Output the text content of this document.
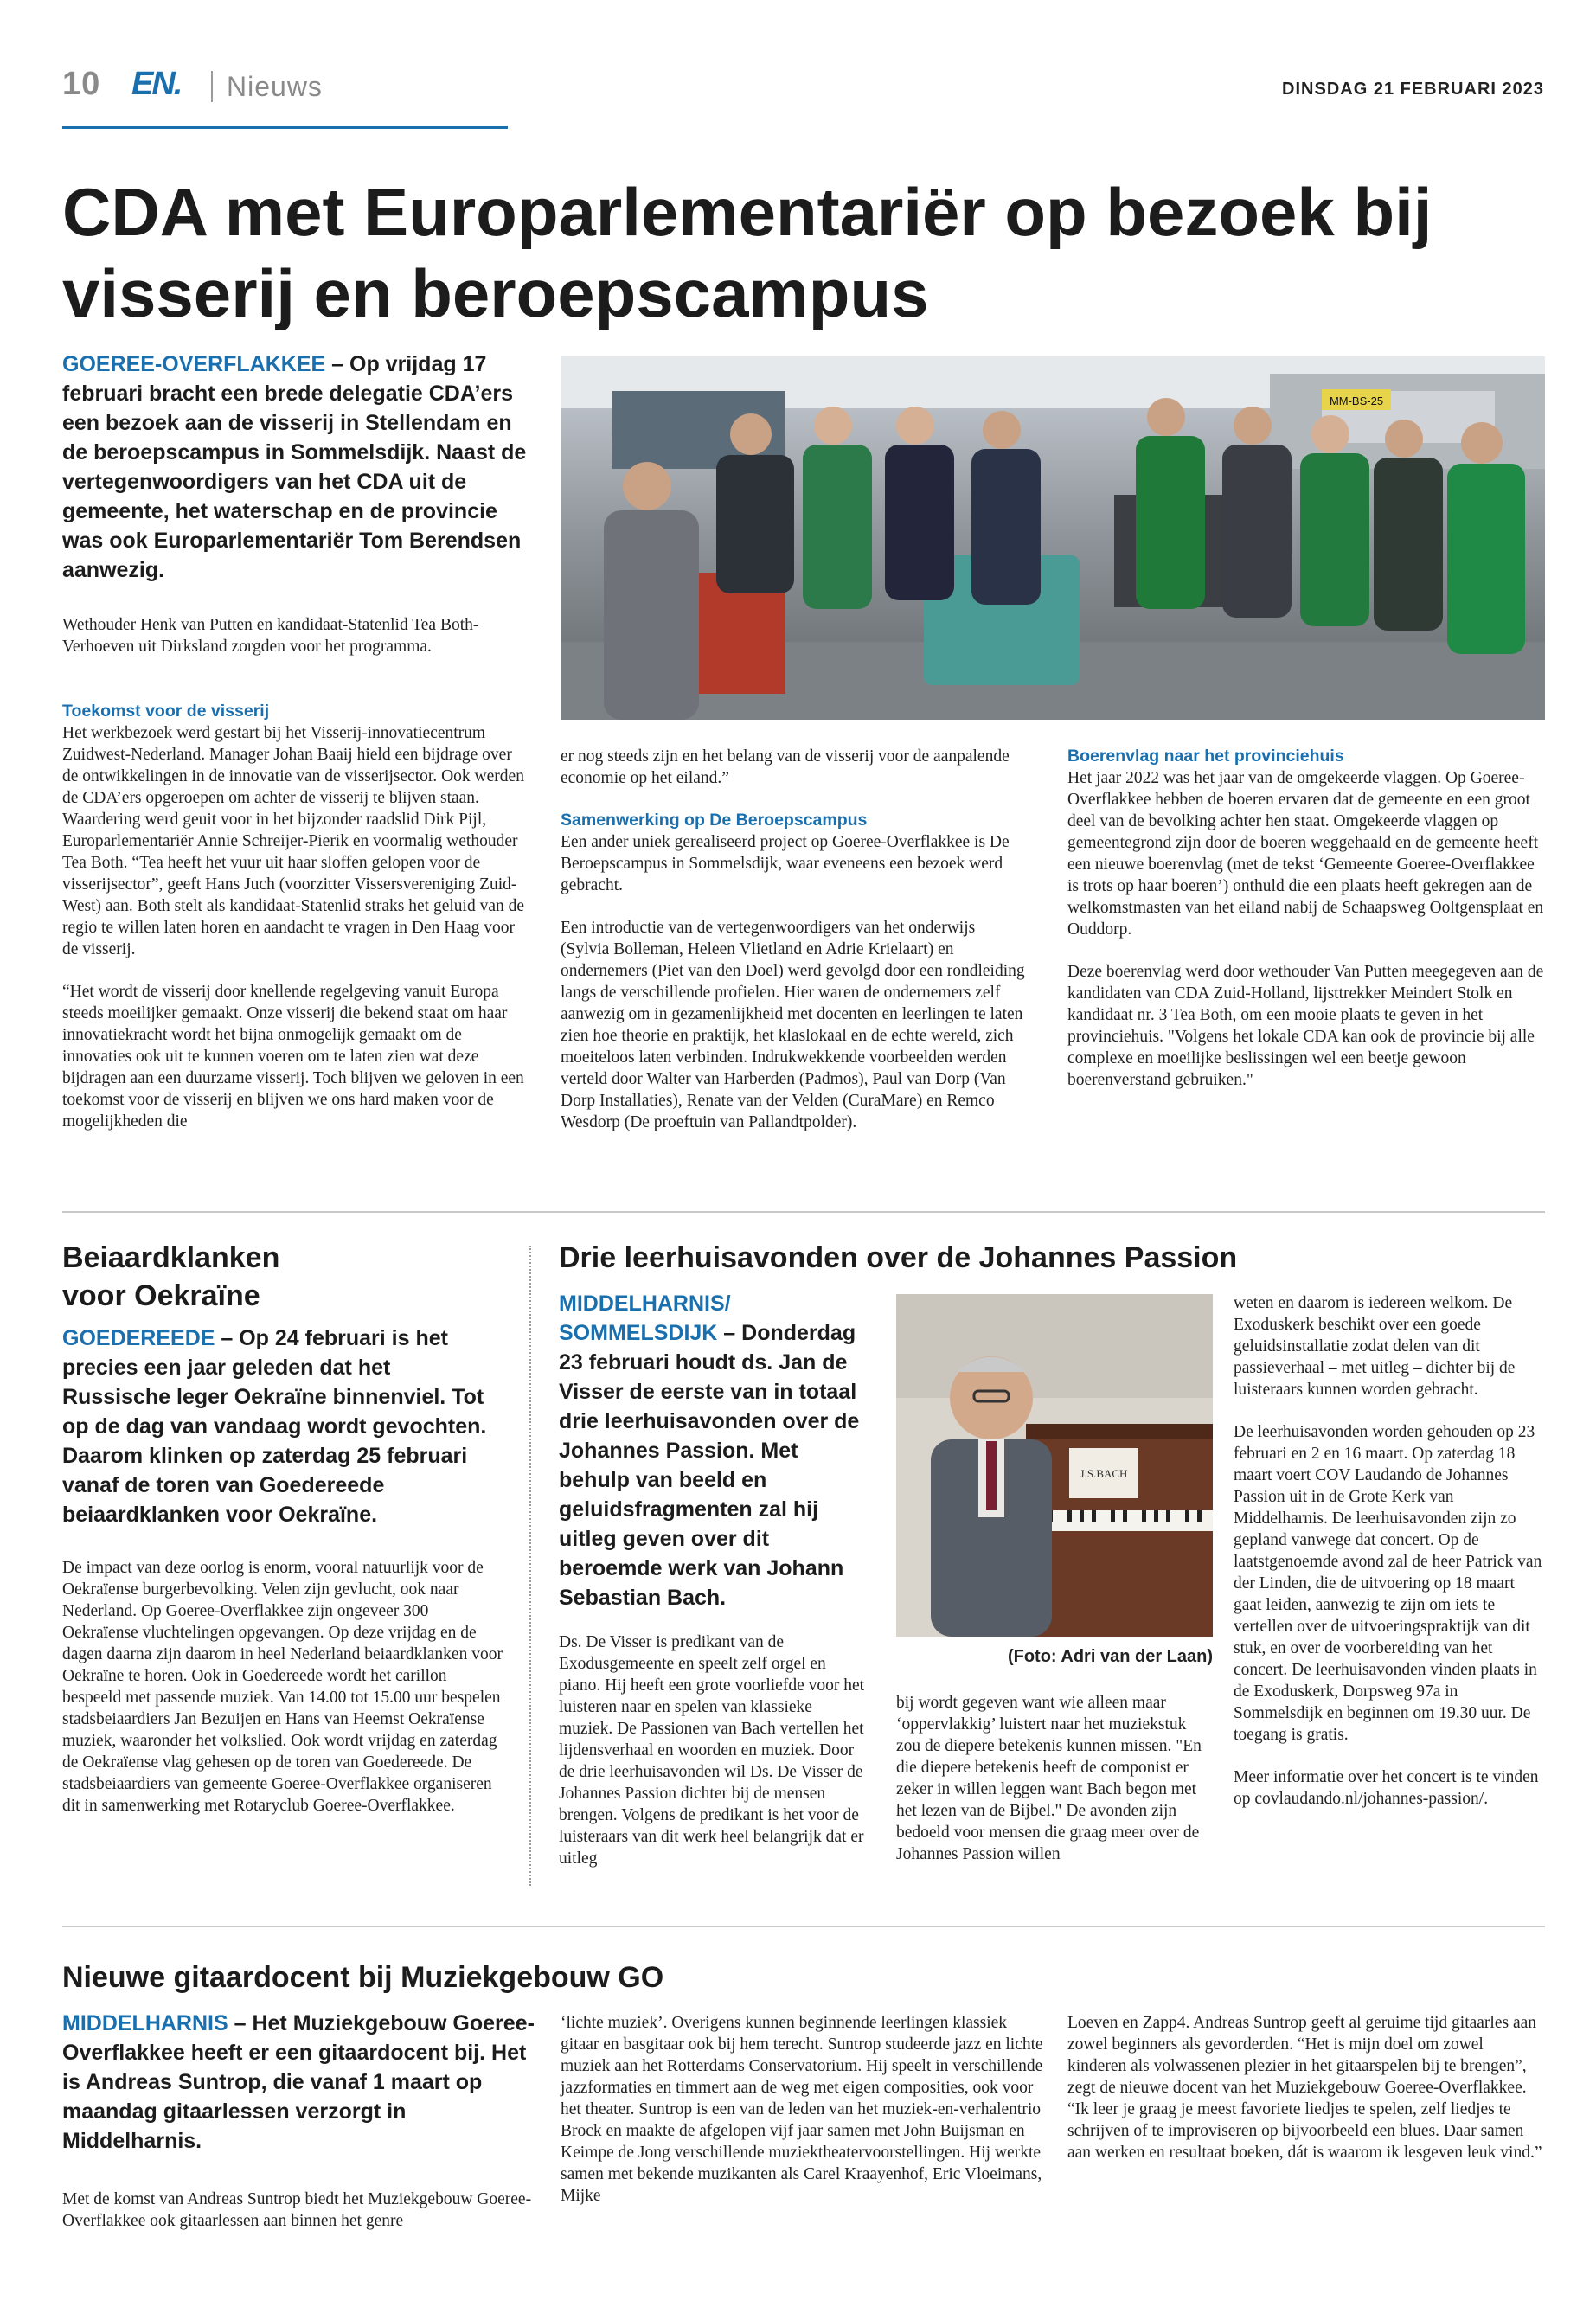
10 EN. Nieuws	DINSDAG 21 FEBRUARI 2023
CDA met Europarlementariër op bezoek bij visserij en beroepscampus
GOEREE-OVERFLAKKEE – Op vrijdag 17 februari bracht een brede delegatie CDA’ers een bezoek aan de visserij in Stellendam en de beroepscampus in Sommelsdijk. Naast de vertegenwoordigers van het CDA uit de gemeente, het waterschap en de provincie was ook Europarlementariër Tom Berendsen aanwezig.
Wethouder Henk van Putten en kandidaat-Statenlid Tea Both-Verhoeven uit Dirksland zorgden voor het programma.
Toekomst voor de visserij

Het werkbezoek werd gestart bij het Visserij-innovatiecentrum Zuidwest-Nederland. Manager Johan Baaij hield een bijdrage over de ontwikkelingen in de innovatie van de visserijsector. Ook werden de CDA’ers opgeroepen om achter de visserij te blijven staan. Waardering werd geuit voor in het bijzonder raadslid Dirk Pijl, Europarlementariër Annie Schreijer-Pierik en voormalig wethouder Tea Both. “Tea heeft het vuur uit haar sloffen gelopen voor de visserijsector”, geeft Hans Juch (voorzitter Vissersvereniging Zuid-West) aan. Both stelt als kandidaat-Statenlid straks het geluid van de regio te willen laten horen en aandacht te vragen in Den Haag voor de visserij.

“Het wordt de visserij door knellende regelgeving vanuit Europa steeds moeilijker gemaakt. Onze visserij die bekend staat om haar innovatiekracht wordt het bijna onmogelijk gemaakt om de innovaties ook uit te kunnen voeren om te laten zien wat deze bijdragen aan een duurzame visserij. Toch blijven we geloven in een toekomst voor de visserij en blijven we ons hard maken voor de mogelijkheden die

MM-BS-25

er nog steeds zijn en het belang van de visserij voor de aanpalende economie op het eiland.”

Samenwerking op De Beroepscampus

Een ander uniek gerealiseerd project op Goeree-Overflakkee is De Beroepscampus in Sommelsdijk, waar eveneens een bezoek werd gebracht.

Een introductie van de vertegenwoordigers van het onderwijs (Sylvia Bolleman, Heleen Vlietland en Adrie Krielaart) en ondernemers (Piet van den Doel) werd gevolgd door een rondleiding langs de verschillende profielen. Hier waren de ondernemers zelf aanwezig om in gezamenlijkheid met docenten en leerlingen te laten zien hoe theorie en praktijk, het klaslokaal en de echte wereld, zich moeiteloos laten verbinden. Indrukwekkende voorbeelden werden verteld door Walter van Harberden (Padmos), Paul van Dorp (Van Dorp Installaties), Renate van der Velden (CuraMare) en Remco Wesdorp (De proeftuin van Pallandtpolder).

Boerenvlag naar het provinciehuis

Het jaar 2022 was het jaar van de omgekeerde vlaggen. Op Goeree-Overflakkee hebben de boeren ervaren dat de gemeente en een groot deel van de bevolking achter hen staat. Omgekeerde vlaggen op gemeentegrond zijn door de boeren weggehaald en de gemeente heeft een nieuwe boerenvlag (met de tekst ‘Gemeente Goeree-Overflakkee is trots op haar boeren’) onthuld die een plaats heeft gekregen aan de welkomstmasten van het eiland nabij de Schaapsweg Ooltgensplaat en Ouddorp.

Deze boerenvlag werd door wethouder Van Putten meegegeven aan de kandidaten van CDA Zuid-Holland, lijsttrekker Meindert Stolk en kandidaat nr. 3 Tea Both, om een mooie plaats te geven in het provinciehuis. "Volgens het lokale CDA kan ook de provincie bij alle complexe en moeilijke beslissingen wel een beetje gewoon boerenverstand gebruiken."

Beiaardklanken
voor Oekraïne
GOEDEREEDE – Op 24 februari is het precies een jaar geleden dat het Russische leger Oekraïne binnenviel. Tot op de dag van vandaag wordt gevochten. Daarom klinken op zaterdag 25 februari vanaf de toren van Goedereede beiaardklanken voor Oekraïne.
De impact van deze oorlog is enorm, vooral natuurlijk voor de Oekraïense burgerbevolking. Velen zijn gevlucht, ook naar Nederland. Op Goeree-Overflakkee zijn ongeveer 300 Oekraïense vluchtelingen opgevangen. Op deze vrijdag en de dagen daarna zijn daarom in heel Nederland beiaardklanken voor Oekraïne te horen. Ook in Goedereede wordt het carillon bespeeld met passende muziek. Van 14.00 tot 15.00 uur bespelen stadsbeiaardiers Jan Bezuijen en Hans van Heemst Oekraïense muziek, waaronder het volkslied. Ook wordt vrijdag en zaterdag de Oekraïense vlag gehesen op de toren van Goedereede. De stadsbeiaardiers van gemeente Goeree-Overflakkee organiseren dit in samenwerking met Rotaryclub Goeree-Overflakkee.
Drie leerhuisavonden over de Johannes Passion
MIDDELHARNIS/
SOMMELSDIJK – Donderdag 23 februari houdt ds. Jan de Visser de eerste van in totaal drie leerhuisavonden over de Johannes Passion. Met behulp van beeld en geluidsfragmenten zal hij uitleg geven over dit beroemde werk van Johann Sebastian Bach.
Ds. De Visser is predikant van de Exodusgemeente en speelt zelf orgel en piano. Hij heeft een grote voorliefde voor het luisteren naar en spelen van klassieke muziek. De Passionen van Bach vertellen het lijdensverhaal en woorden en muziek. Door de drie leerhuisavonden wil Ds. De Visser de Johannes Passion dichter bij de mensen brengen. Volgens de predikant is het voor de luisteraars van dit werk heel belangrijk dat er uitleg
J.S.BACH
(Foto: Adri van der Laan)
bij wordt gegeven want wie alleen maar ‘oppervlakkig’ luistert naar het muziekstuk zou de diepere betekenis kunnen missen. "En die diepere betekenis heeft de componist er zeker in willen leggen want Bach begon met het lezen van de Bijbel." De avonden zijn bedoeld voor mensen die graag meer over de Johannes Passion willen

weten en daarom is iedereen welkom. De Exoduskerk beschikt over een goede geluidsinstallatie zodat delen van dit passieverhaal – met uitleg – dichter bij de luisteraars kunnen worden gebracht.

De leerhuisavonden worden gehouden op 23 februari en 2 en 16 maart. Op zaterdag 18 maart voert COV Laudando de Johannes Passion uit in de Grote Kerk van Middelharnis. De leerhuisavonden zijn zo gepland vanwege dat concert. Op de laatstgenoemde avond zal de heer Patrick van der Linden, die de uitvoering op 18 maart gaat leiden, aanwezig te zijn om iets te vertellen over de uitvoeringspraktijk van dit stuk, en over de voorbereiding van het concert. De leerhuisavonden vinden plaats in de Exoduskerk, Dorpsweg 97a in Sommelsdijk en beginnen om 19.30 uur. De toegang is gratis.

Meer informatie over het concert is te vinden op covlaudando.nl/johannes-passion/.

Nieuwe gitaardocent bij Muziekgebouw GO
MIDDELHARNIS – Het Muziekgebouw Goeree-Overflakkee heeft er een gitaardocent bij. Het is Andreas Suntrop, die vanaf 1 maart op maandag gitaarlessen verzorgt in Middelharnis.
Met de komst van Andreas Suntrop biedt het Muziekgebouw Goeree-Overflakkee ook gitaarlessen aan binnen het genre
‘lichte muziek’. Overigens kunnen beginnende leerlingen klassiek gitaar en basgitaar ook bij hem terecht. Suntrop studeerde jazz en lichte muziek aan het Rotterdams Conservatorium. Hij speelt in verschillende jazzformaties en timmert aan de weg met eigen composities, ook voor het theater. Suntrop is een van de leden van het muziek-en-verhalentrio Brock en maakte de afgelopen vijf jaar samen met John Buijsman en Keimpe de Jong verschillende muziektheatervoorstellingen. Hij werkte samen met bekende muzikanten als Carel Kraayenhof, Eric Vloeimans, Mijke
Loeven en Zapp4. Andreas Suntrop geeft al geruime tijd gitaarles aan zowel beginners als gevorderden. “Het is mijn doel om zowel kinderen als volwassenen plezier in het gitaarspelen bij te brengen”, zegt de nieuwe docent van het Muziekgebouw Goeree-Overflakkee. “Ik leer je graag je meest favoriete liedjes te spelen, zelf liedjes te schrijven of te improviseren op bijvoorbeeld een blues. Daar samen aan werken en resultaat boeken, dát is waarom ik lesgeven leuk vind.”
